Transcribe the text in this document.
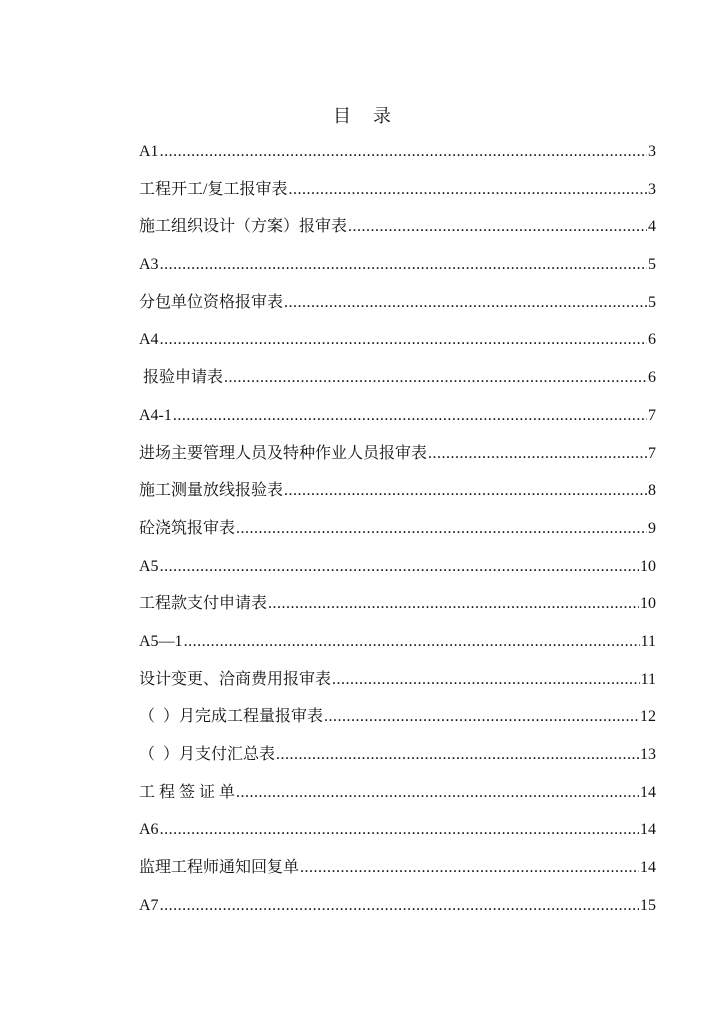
目 录
A1 .....	3
工程开工/复工报审表 .....	3
施工组织设计（方案）报审表 .....	4
A3 .....	5
分包单位资格报审表 .....	5
A4 .....	6
报验申请表 .....	6
A4-1 .....	7
进场主要管理人员及特种作业人员报审表 .....	7
施工测量放线报验表 .....	8
砼浇筑报审表 .....	9
A5 .....	10
工程款支付申请表 .....	10
A5—1 .....	11
设计变更、洽商费用报审表 .....	11
（  ）月完成工程量报审表 .....	12
（  ）月支付汇总表 .....	13
工 程 签 证 单 .....	14
A6 .....	14
监理工程师通知回复单 .....	14
A7 .....	15
